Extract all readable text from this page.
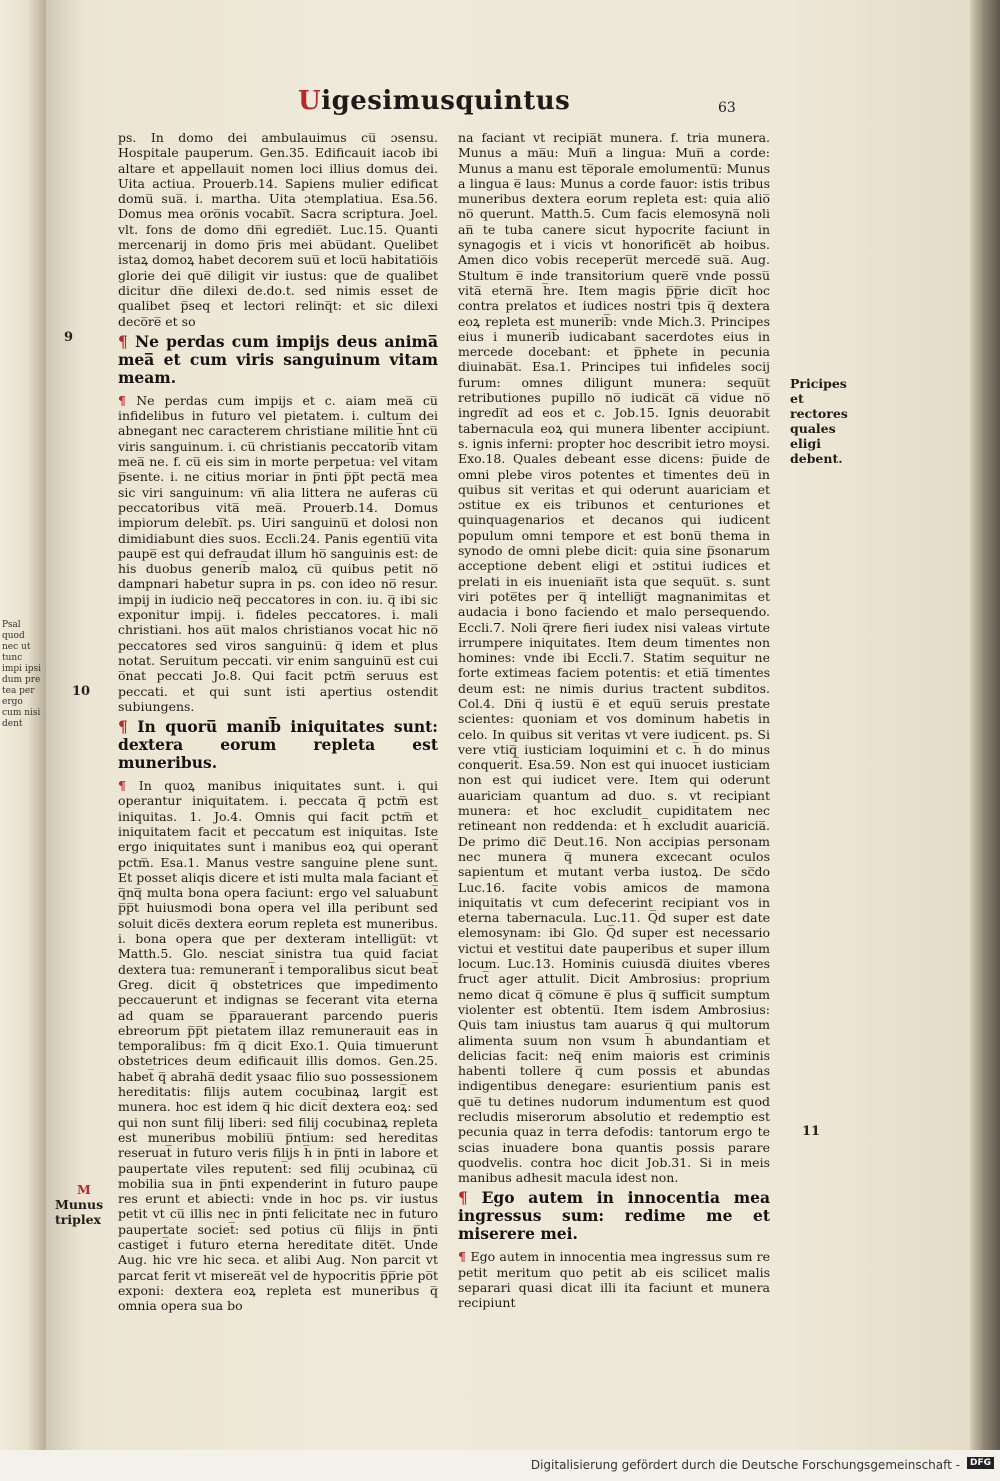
Psal quod nec ut tunc impi ipsi dum pre tea per ergo cum nisi dent
Uigesimusquintus	63

ps. In domo dei ambulauimus cu̅ ɔsensu. Hospitale pauperum. Gen.35. Edificauit iacob ibi altare et appellauit nomen loci illius domus dei. Uita actiua. Prouerb.14. Sapiens mulier edificat domu̅ sua̅. i. martha. Uita ɔtemplatiua. Esa.56. Domus mea oro̅nis vocabi̅t. Sacra scriptura. Joel. vlt. fons de domo dn̅i egredie̅t. Luc.15. Quanti mercenarij in domo p̅ris mei abu̅dant. Quelibet istaꝝ domoꝝ habet decorem suu̅ et locu̅ habitatio̅is glorie dei que̅ diligit vir iustus: que de qualibet dicitur dn̅e dilexi de.do.t. sed nimis esset de qualibet p̅seq et lectori relinq̅t: et sic dilexi deco̅re̅ et so

¶ Ne perdas cum impijs deus anima̅ mea̅ et cum viris sanguinum vitam meam.

¶ Ne perdas cum impijs et c. aiam mea̅ cu̅ infidelibus in futuro vel pietatem. i. cultum dei abnegant nec caracterem christiane militie h̅nt cu̅ viris sanguinum. i. cu̅ christianis peccatorib̅ vitam mea̅ ne. f. cu̅ eis sim in morte perpetua: vel vitam p̅sente. i. ne citius moriar in p̅nti p̅p̅t pecta̅ mea sic viri sanguinum: vn̅ alia littera ne auferas cu̅ peccatoribus vita̅ mea̅. Prouerb.14. Domus impiorum delebi̅t. ps. Uiri sanguinu̅ et dolosi non dimidiabunt dies suos. Eccli.24. Panis egentiu̅ vita paupe̅ est qui defraudat illum ho̅ sanguinis est: de his duobus generib̅ maloꝝ cu̅ quibus petit no̅ dampnari habetur supra in ps. con ideo no̅ resur. impij in iudicio neq̅ peccatores in con. iu. q̅ ibi sic exponitur impij. i. fideles peccatores. i. mali christiani. hos au̅t malos christianos vocat hic no̅ peccatores sed viros sanguinu̅: q̅ idem et plus notat. Seruitum peccati. vir enim sanguinu̅ est cui o̅nat peccati Jo.8. Qui facit pctm̅ seruus est peccati. et qui sunt isti apertius ostendit subiungens.

¶ In quoru̅ manib̅ iniquitates sunt: dextera eorum repleta est muneribus.

¶ In quoꝝ manibus iniquitates sunt. i. qui operantur iniquitatem. i. peccata q̅ pctm̅ est iniquitas. 1. Jo.4. Omnis qui facit pctm̅ et iniquitatem facit et peccatum est iniquitas. Iste ergo iniquitates sunt i manibus eoꝝ qui operant̅ pctm̅. Esa.1. Manus vestre sanguine plene sunt. Et posset aliqis dicere et isti multa mala faciant et̅ q̅nq̅ multa bona opera faciunt: ergo vel saluabunt̅ p̅p̅t huiusmodi bona opera vel illa peribunt sed soluit dice̅s dextera eorum repleta est muneribus. i. bona opera que per dexteram intelligu̅t: vt Matth.5. Glo. nesciat sinistra tua quid faciat dextera tua: remunerant̅ i temporalibus sicut beat̅ Greg. dicit q̅ obstetrices que impedimento peccauerunt et indignas se fecerant vita eterna ad quam se p̅parauerant parcendo pueris ebreorum p̅p̅t pietatem illaz remunerauit eas in temporalibus: fm̅ q̅ dicit Exo.1. Quia timuerunt obstetrices deum edificauit illis domos. Gen.25. habet̅ q̅ abraha̅ dedit ysaac filio suo possessionem hereditatis: filijs autem cocubinaꝝ largit̅ est munera. hoc est idem q̅ hic dicit̅ dextera eoꝝ: sed qui non sunt filij liberi: sed filij cocubinaꝝ repleta est muneribus mobiliu̅ p̅ntium: sed hereditas reseruat̅ in futuro veris filijs h̅ in p̅nti in labore et paupertate viles reputent̅: sed filij ɔcubinaꝝ cu̅ mobilia sua in p̅nti expenderint in futuro paupe res erunt et abiecti: vnde in hoc ps. vir iustus petit vt cu̅ illis nec in p̅nti felicitate nec in futuro paupertate societ̅: sed potius cu̅ filijs in p̅nti castiget̅ i futuro eterna hereditate dite̅t. Unde Aug. hic vre hic seca. et alibi Aug. Non parcit vt parcat ferit vt miserea̅t vel de hypocritis p̅p̅rie po̅t exponi: dextera eoꝝ repleta est muneribus q̅ omnia opera sua bo

na faciant vt recipia̅t munera. f. tria munera. Munus a ma̅u: Mun̅ a lingua: Mun̅ a corde: Munus a manu est te̅porale emolumentu̅: Munus a lingua e̅ laus: Munus a corde fauor: istis tribus muneribus dextera eorum repleta est: quia alio̅ no̅ querunt. Matth.5. Cum facis elemosyna̅ noli an̅ te tuba canere sicut hypocrite faciunt in synagogis et i vicis vt honorifice̅t ab hoibus. Amen dico vobis receperu̅t mercede̅ sua̅. Aug. Stultum e̅ inde transitorium quere̅ vnde possu̅ vita̅ eterna̅ h̅re. Item magis p̅p̅rie dici̅t hoc contra prelatos et iudices nostri t̅pis q̅ dextera eoꝝ repleta est munerib̅: vnde Mich.3. Principes eius i munerib̅ iudicabant sacerdotes eius in mercede docebant: et p̅phete in pecunia diuinaba̅t. Esa.1. Principes tui infideles socij furum: omnes diligunt munera: sequu̅t retributiones pupillo no̅ iudica̅t ca̅ vidue no̅ ingredi̅t ad eos et c. Job.15. Ignis deuorabit tabernacula eoꝝ qui munera libenter accipiunt. s. ignis inferni: propter hoc describit ietro moysi. Exo.18. Quales debeant esse dicens: p̅uide de omni plebe viros potentes et timentes deu̅ in quibus sit veritas et qui oderunt auariciam et ɔstitue ex eis tribunos et centuriones et quinquagenarios et decanos qui iudicent populum omni tempore et est bonu̅ thema in synodo de omni plebe dicit: quia sine p̅sonarum acceptione debent eligi et ɔstitui iudices et prelati in eis inuenian̅t ista que sequu̅t. s. sunt viri pote̅tes per q̅ intellig̅t magnanimitas et audacia i bono faciendo et malo persequendo. Eccli.7. Noli q̅rere fieri iudex nisi valeas virtute irrumpere iniquitates. Item deum timentes non homines: vnde ibi Eccli.7. Statim sequitur ne forte extimeas faciem potentis: et etia̅ timentes deum est: ne nimis durius tractent subditos. Col.4. Dn̅i q̅ iustu̅ e̅ et equu̅ seruis prestate scientes: quoniam et vos dominum habetis in celo. In quibus sit veritas vt vere iudicent. ps. Si vere vtiq̅ iusticiam loquimini et c. h̅ do minus conquerit̅. Esa.59. Non est qui inuocet iusticiam non est qui iudicet vere. Item qui oderunt auariciam quantum ad duo. s. vt recipiant munera: et hoc excludit cupiditatem nec retineant non reddenda: et h̅ excludit auaricia̅. De primo dic̅ Deut.16. Non accipias personam nec munera q̅ munera excecant oculos sapientum et mutant verba iustoꝝ. De sc̅do Luc.16. facite vobis amicos de mamona iniquitatis vt cum defecerint recipiant vos in eterna tabernacula. Luc.11. Q̅d super est date elemosynam: ibi Glo. Q̅d super est necessario victui et vestitui date pauperibus et super illum locum. Luc.13. Hominis cuiusda̅ diuites vberes fruct̅ ager attulit. Dicit Ambrosius: proprium nemo dicat q̅ co̅mune e̅ plus q̅ sufficit sumptum violenter est obtentu̅. Item isdem Ambrosius: Quis tam iniustus tam auarus q̅ qui multorum alimenta suum non vsum h̅ abundantiam et delicias facit: neq̅ enim maioris est criminis habenti tollere q̅ cum possis et abundas indigentibus denegare: esurientium panis est que̅ tu detines nudorum indumentum est quod recludis miserorum absolutio et redemptio est pecunia quaz in terra defodis: tantorum ergo te scias inuadere bona quantis possis parare quodvelis. contra hoc dicit Job.31. Si in meis manibus adhesit macula idest non.

¶ Ego autem in innocentia mea ingressus sum: redime me et miserere mei.

¶ Ego autem in innocentia mea ingressus sum re petit meritum quo petit ab eis scilicet malis separari quasi dicat illi ita faciunt et munera recipiunt

9
10
11
Pricipes et rectores quales eligi debent.
M
Munus triplex
Digitalisierung gefördert durch die Deutsche Forschungsgemeinschaft -	DFG
